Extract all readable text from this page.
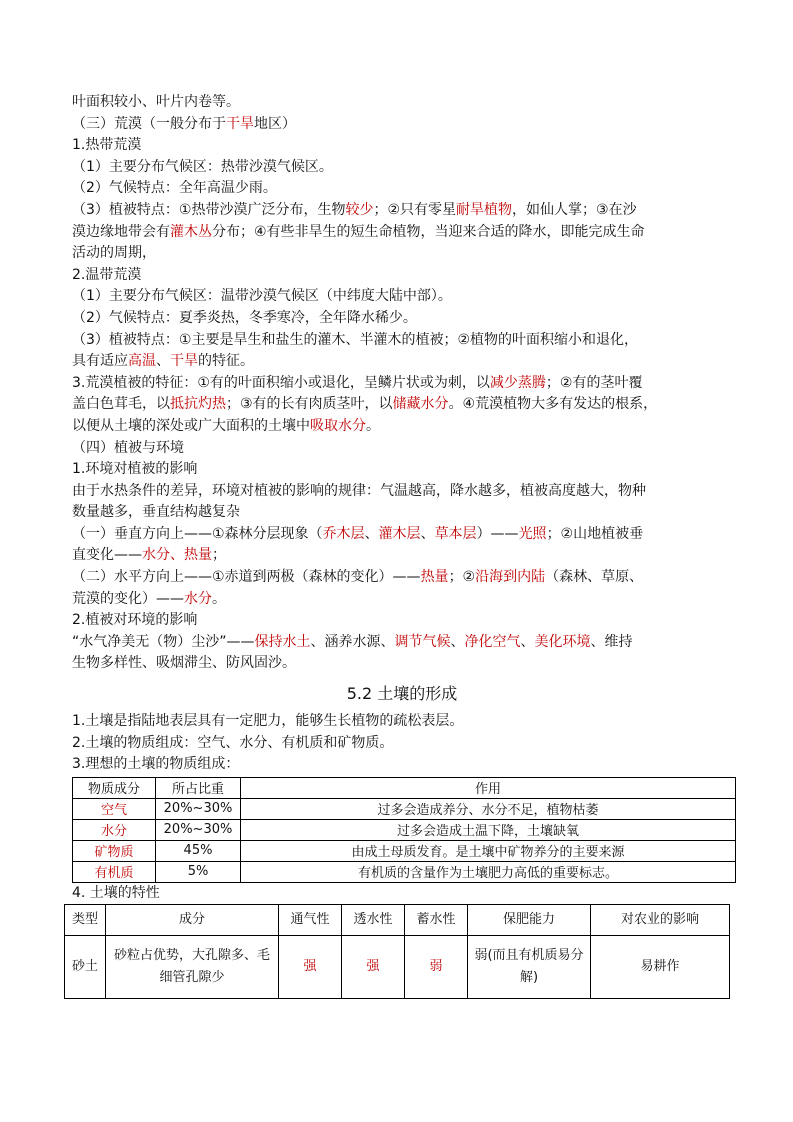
叶面积较小、叶片内卷等。
（三）荒漠（一般分布于干旱地区）
1.热带荒漠
（1）主要分布气候区：热带沙漠气候区。
（2）气候特点：全年高温少雨。
（3）植被特点：①热带沙漠广泛分布，生物较少；②只有零星耐旱植物，如仙人掌；③在沙
漠边缘地带会有灌木丛分布；④有些非旱生的短生命植物，当迎来合适的降水，即能完成生命
活动的周期，
2.温带荒漠
（1）主要分布气候区：温带沙漠气候区（中纬度大陆中部）。
（2）气候特点：夏季炎热，冬季寒冷，全年降水稀少。
（3）植被特点：①主要是旱生和盐生的灌木、半灌木的植被；②植物的叶面积缩小和退化，
具有适应高温、干旱的特征。
3.荒漠植被的特征：①有的叶面积缩小或退化，呈鳞片状或为刺，以减少蒸腾；②有的茎叶覆
盖白色茸毛，以抵抗灼热；③有的长有肉质茎叶，以储藏水分。④荒漠植物大多有发达的根系，
以便从土壤的深处或广大面积的土壤中吸取水分。
（四）植被与环境
1.环境对植被的影响
由于水热条件的差异，环境对植被的影响的规律：气温越高，降水越多，植被高度越大，物种
数量越多，垂直结构越复杂
（一）垂直方向上——①森林分层现象（乔木层、灌木层、草本层）——光照；②山地植被垂
直变化——水分、热量；
（二）水平方向上——①赤道到两极（森林的变化）——热量；②沿海到内陆（森林、草原、
荒漠的变化）——水分。
2.植被对环境的影响
“水气净美无（物）尘沙”——保持水土、涵养水源、调节气候、净化空气、美化环境、维持
生物多样性、吸烟滞尘、防风固沙。
5.2 土壤的形成
1.土壤是指陆地表层具有一定肥力，能够生长植物的疏松表层。
2.土壤的物质组成：空气、水分、有机质和矿物质。
3.理想的土壤的物质组成：
物质成分	所占比重	作用
空气	20%~30%	过多会造成养分、水分不足，植物枯萎
水分	20%~30%	过多会造成土温下降，土壤缺氧
矿物质	45%	由成土母质发育。是土壤中矿物养分的主要来源
有机质	5%	有机质的含量作为土壤肥力高低的重要标志。
4. 土壤的特性
类型	成分	通气性	透水性	蓄水性	保肥能力	对农业的影响
砂土	砂粒占优势，大孔隙多、毛细管孔隙少	强	强	弱	弱(而且有机质易分解)	易耕作
